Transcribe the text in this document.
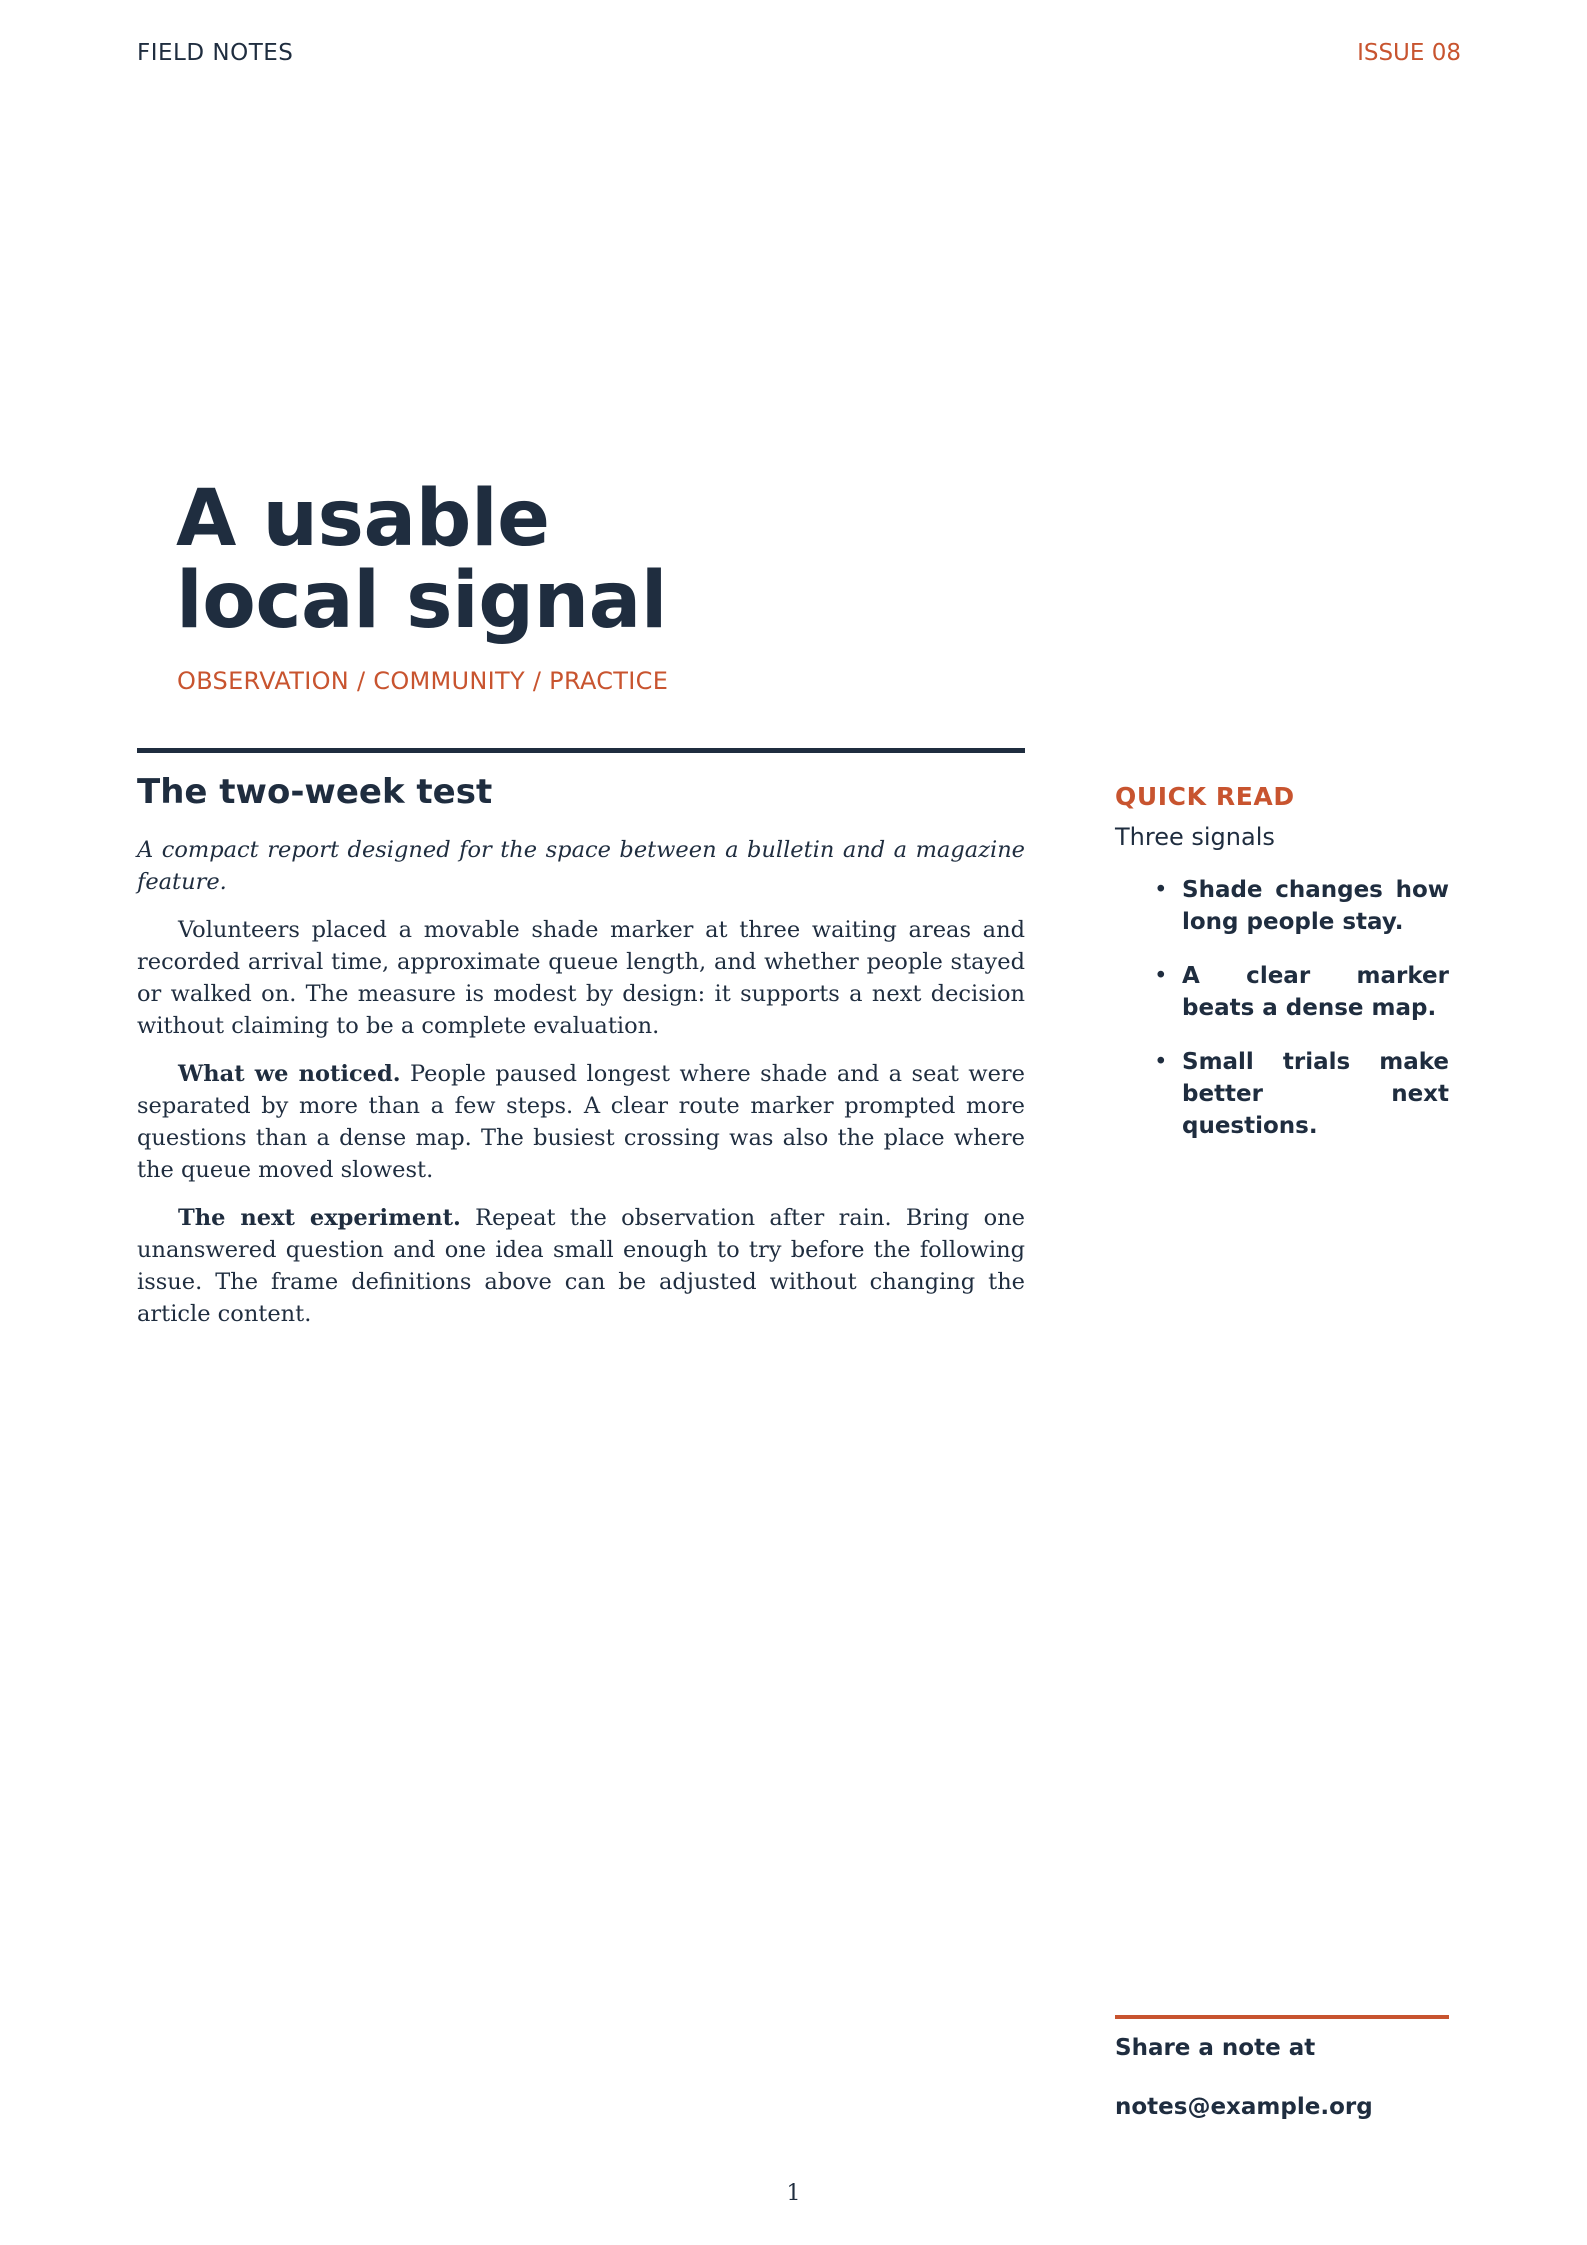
FIELD NOTES	ISSUE 08
A usable
local signal
OBSERVATION / COMMUNITY / PRACTICE
The two-week test

A compact report designed for the space between a bulletin and a magazine feature.

Volunteers placed a movable shade marker at three waiting areas and recorded arrival time, approximate queue length, and whether people stayed or walked on. The measure is modest by design: it supports a next decision without claiming to be a complete evaluation.

What we noticed. People paused longest where shade and a seat were separated by more than a few steps. A clear route marker prompted more questions than a dense map. The busiest crossing was also the place where the queue moved slowest.

The next experiment. Repeat the observation after rain. Bring one unanswered question and one idea small enough to try before the following issue. The frame definitions above can be adjusted without changing the article content.

QUICK READ
Three signals
• Shade changes how long people stay.
• A clear marker beats a dense map.
• Small trials make better next questions.
Share a note at
notes@example.org
1
